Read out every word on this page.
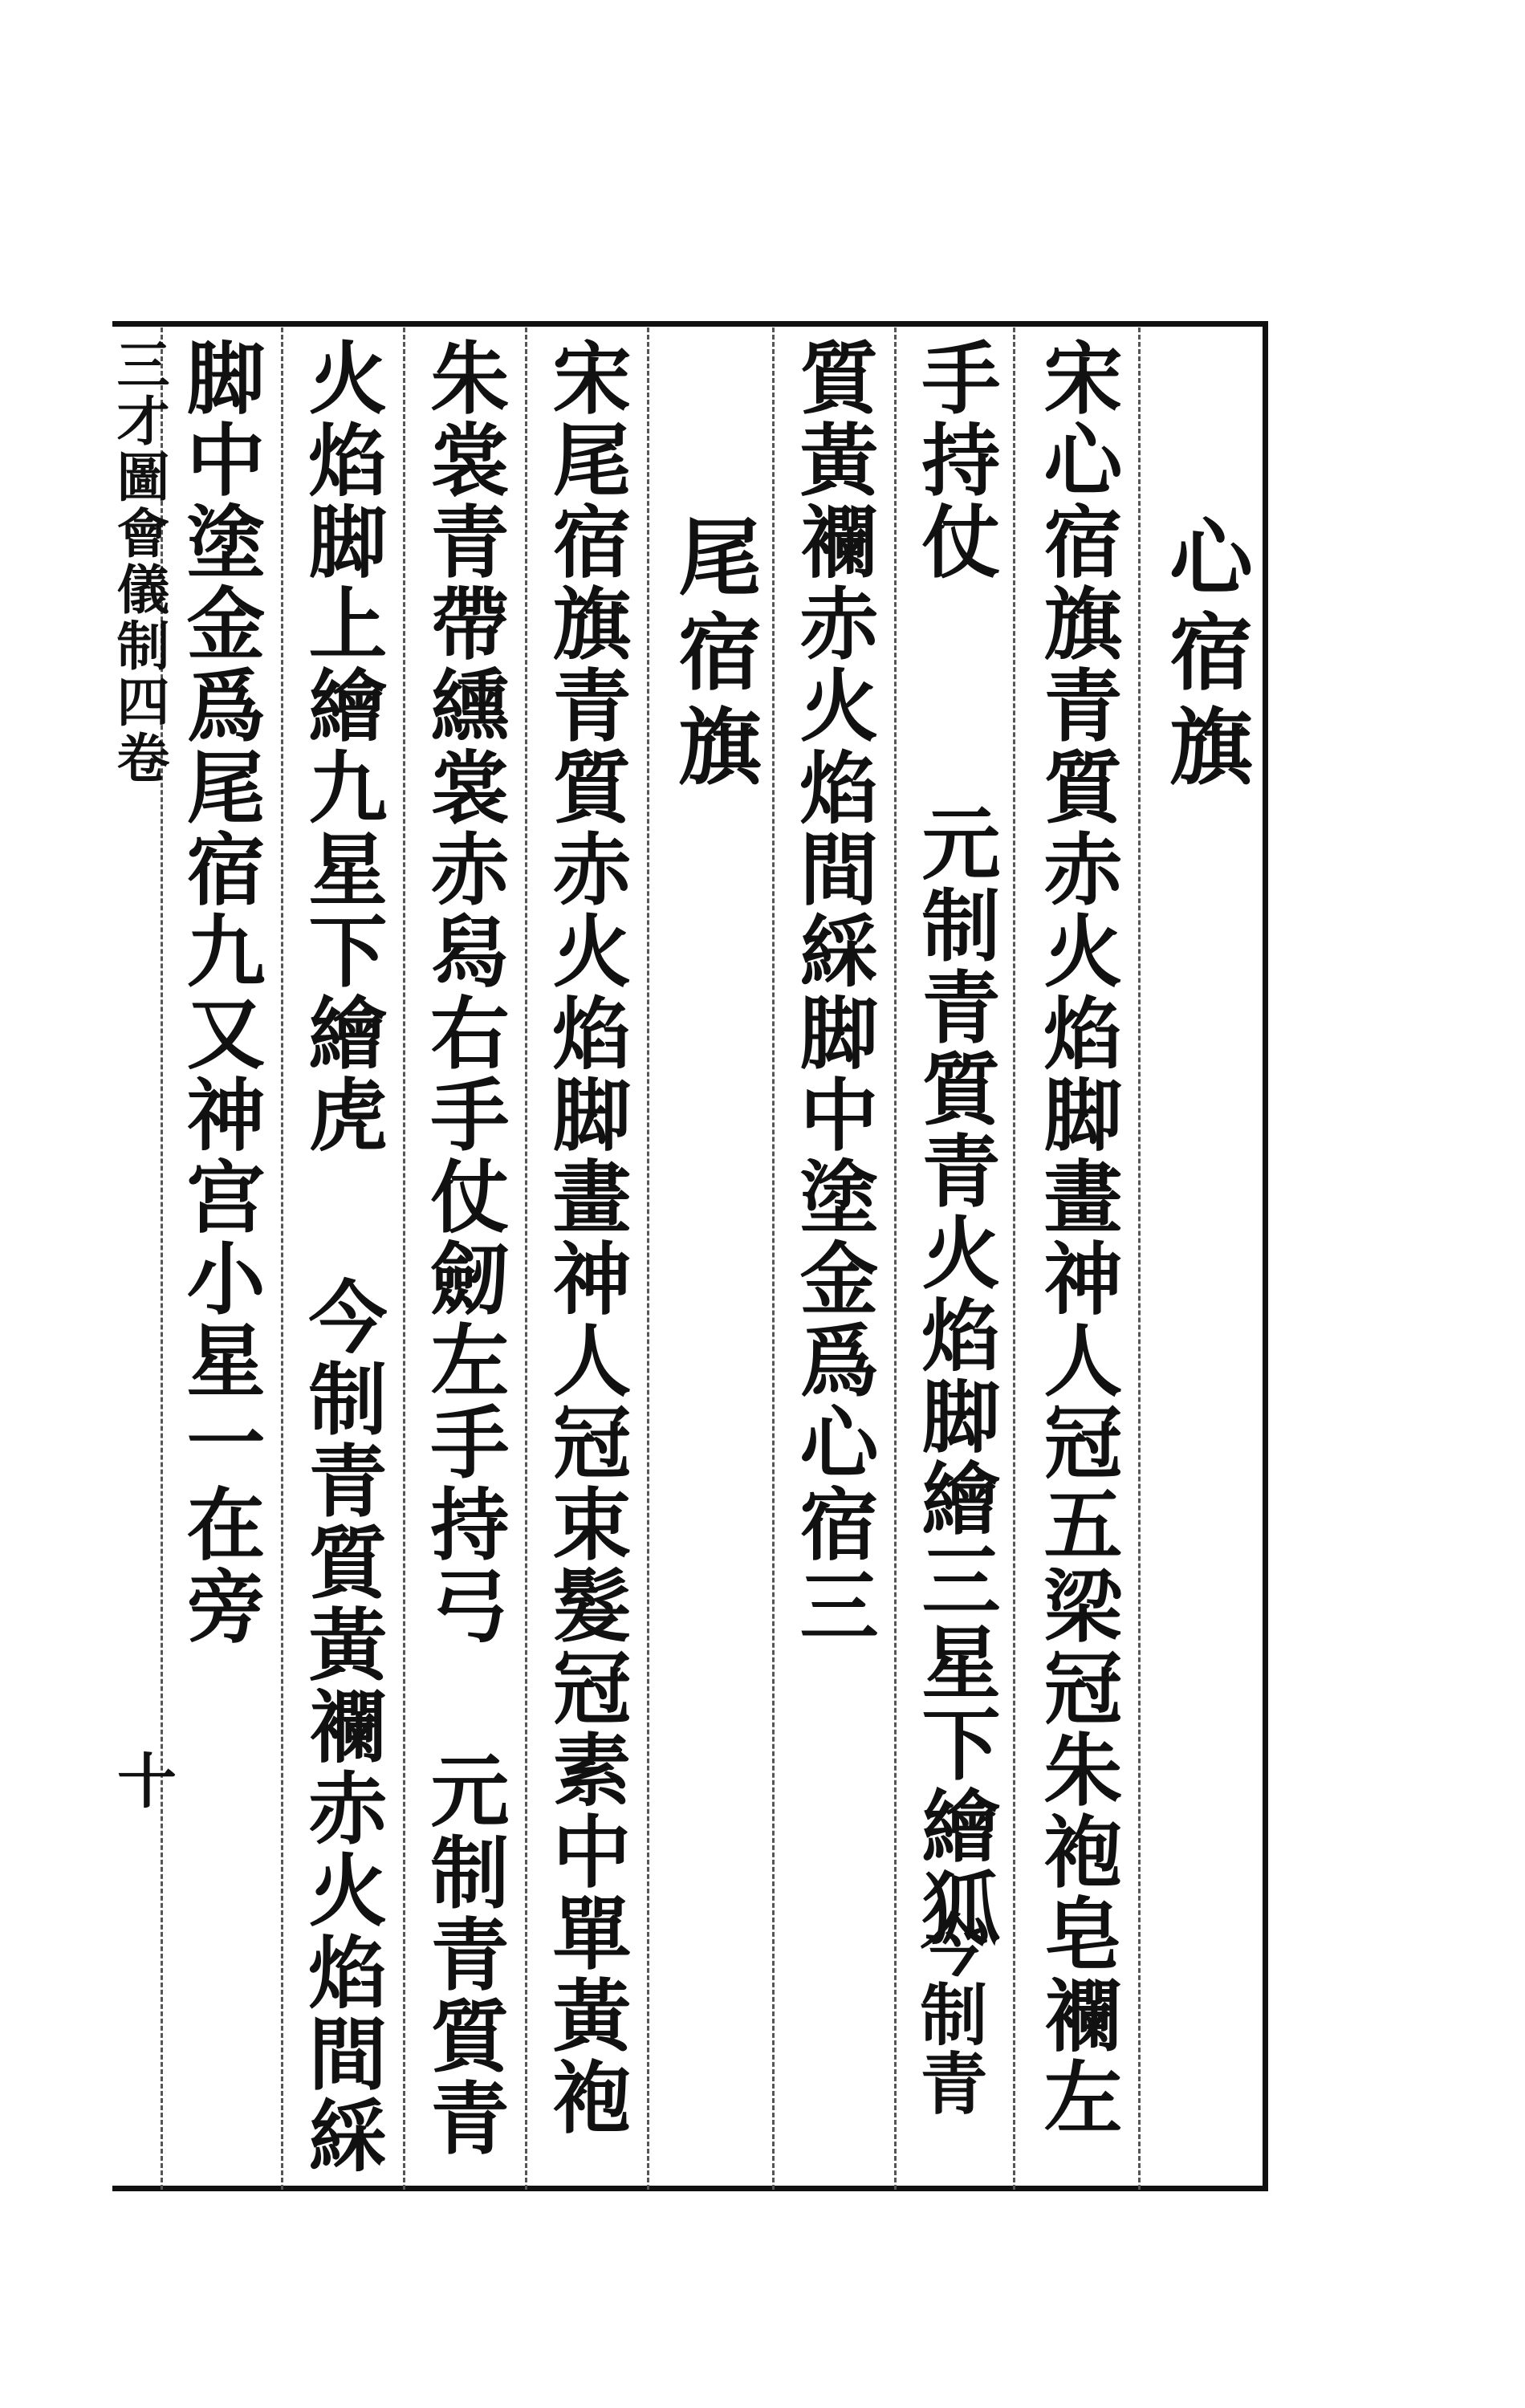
心宿旗
宋心宿旗青質赤火焰脚畫神人冠五梁冠朱袍皂襴左
手持仗
元制青質青火焰脚繪三星下繪狐
今制青
質黃襴赤火焰間綵脚中塗金爲心宿三
尾宿旗
宋尾宿旗青質赤火焰脚畫神人冠束髮冠素中單黃袍
朱裳青帶纁裳赤舄右手仗劒左手持弓
元制青質青
火焰脚上繪九星下繪虎
今制青質黃襴赤火焰間綵
脚中塗金爲尾宿九又神宫小星一在旁
三才圖會儀制四卷
十
